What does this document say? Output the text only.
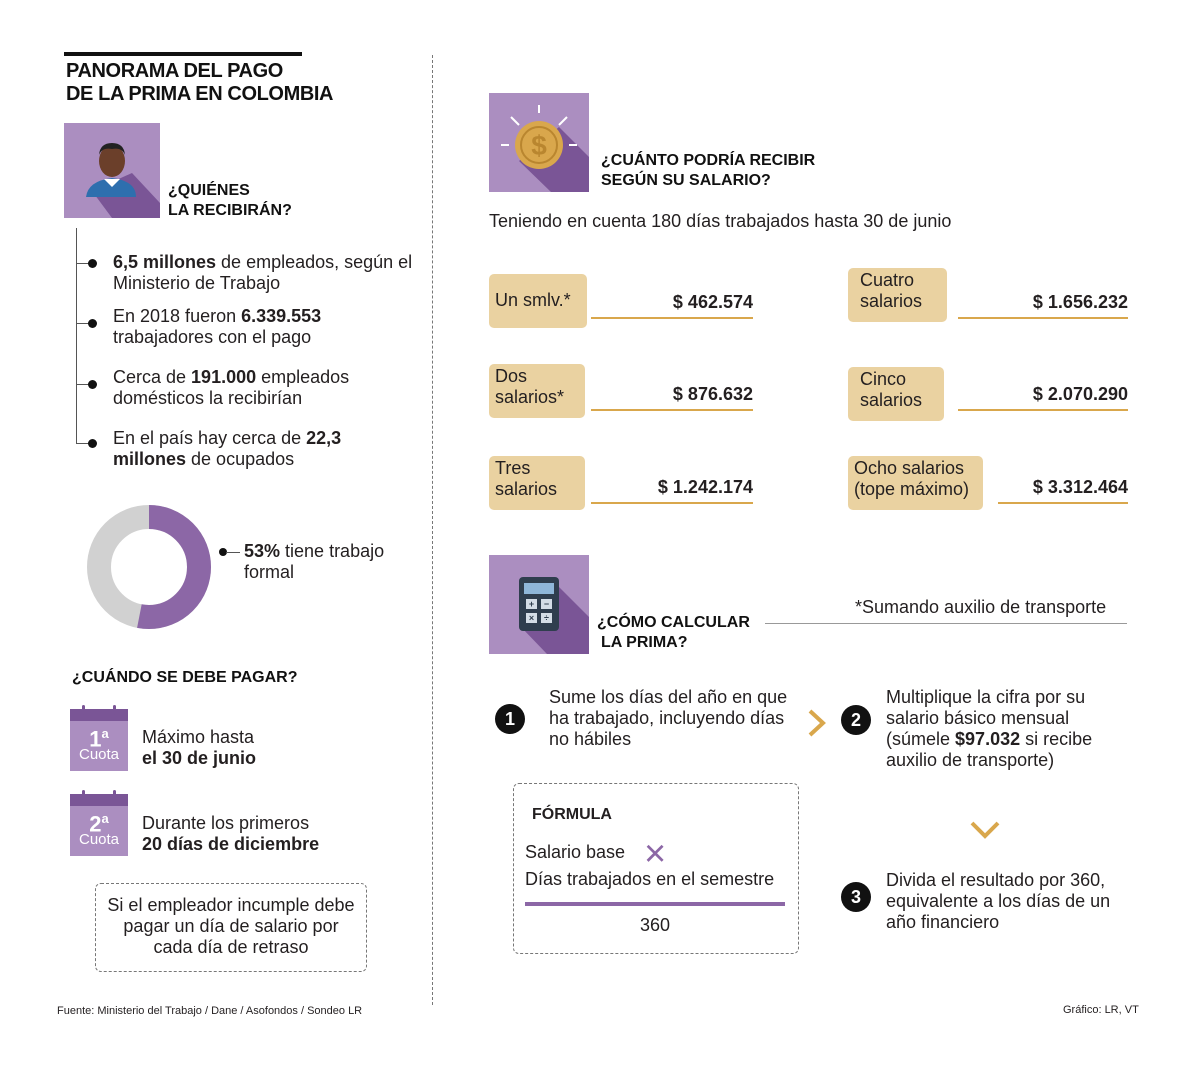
PANORAMA DEL PAGO
DE LA PRIMA EN COLOMBIA
¿QUIÉNES
LA RECIBIRÁN?
6,5 millones de empleados, según el Ministerio de Trabajo
En 2018 fueron 6.339.553 trabajadores con el pago
Cerca de 191.000 empleados domésticos la recibirían
En el país hay cerca de 22,3 millones de ocupados
53% tiene trabajo formal
¿CUÁNDO SE DEBE PAGAR?
1$^a$
Cuota
Máximo hasta
el 30 de junio
2$^a$
Cuota
Durante los primeros
20 días de diciembre
Si el empleador incumple debe pagar un día de salario por cada día de retraso
Fuente: Ministerio del Trabajo / Dane / Asofondos / Sondeo LR
$	¿CUÁNTO PODRÍA RECIBIR
SEGÚN SU SALARIO?
Teniendo en cuenta 180 días trabajados hasta 30 de junio
Un smlv.*	$ 462.574
Dos salarios*	$ 876.632
Tres salarios	$ 1.242.174
Cuatro salarios	$ 1.656.232
Cinco salarios	$ 2.070.290
Ocho salarios (tope máximo)	$ 3.312.464
+ −
× ÷	¿CÓMO CALCULAR
LA PRIMA?
*Sumando auxilio de transporte
1
Sume los días del año en que ha trabajado, incluyendo días no hábiles
2
Multiplique la cifra por su salario básico mensual (súmele $97.032 si recibe auxilio de transporte)
3
Divida el resultado por 360, equivalente a los días de un año financiero
FÓRMULA
Salario base ×
Días trabajados en el semestre
360
Gráfico: LR, VT
